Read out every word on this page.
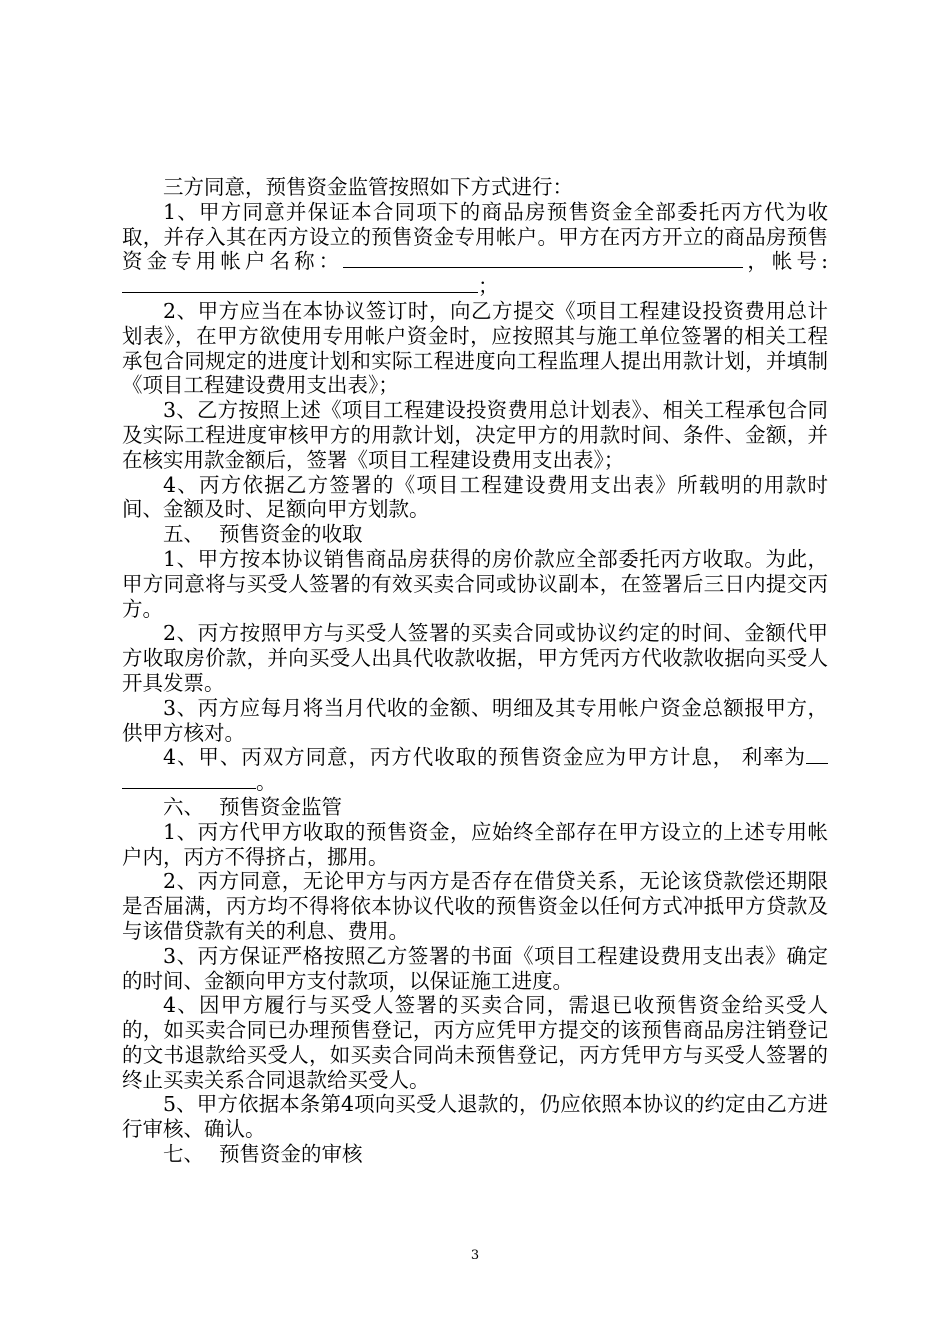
三方同意，预售资金监管按照如下方式进行：

1、甲方同意并保证本合同项下的商品房预售资金全部委托丙方代为收取，并存入其在丙方设立的预售资金专用帐户。甲方在丙方开立的商品房预售资金专用帐户名称：	，帐号:；

2、甲方应当在本协议签订时，向乙方提交《项目工程建设投资费用总计划表》，在甲方欲使用专用帐户资金时，应按照其与施工单位签署的相关工程承包合同规定的进度计划和实际工程进度向工程监理人提出用款计划，并填制《项目工程建设费用支出表》；

3、乙方按照上述《项目工程建设投资费用总计划表》、相关工程承包合同及实际工程进度审核甲方的用款计划，决定甲方的用款时间、条件、金额，并在核实用款金额后，签署《项目工程建设费用支出表》；

4、丙方依据乙方签署的《项目工程建设费用支出表》所载明的用款时间、金额及时、足额向甲方划款。

五、 预售资金的收取

1、甲方按本协议销售商品房获得的房价款应全部委托丙方收取。为此，甲方同意将与买受人签署的有效买卖合同或协议副本，在签署后三日内提交丙方。

2、丙方按照甲方与买受人签署的买卖合同或协议约定的时间、金额代甲方收取房价款，并向买受人出具代收款收据，甲方凭丙方代收款收据向买受人开具发票。

3、丙方应每月将当月代收的金额、明细及其专用帐户资金总额报甲方，供甲方核对。

4、甲、丙双方同意，丙方代收取的预售资金应为甲方计息， 利率为。

六、 预售资金监管

1、丙方代甲方收取的预售资金，应始终全部存在甲方设立的上述专用帐户内，丙方不得挤占，挪用。

2、丙方同意，无论甲方与丙方是否存在借贷关系，无论该贷款偿还期限是否届满，丙方均不得将依本协议代收的预售资金以任何方式冲抵甲方贷款及与该借贷款有关的利息、费用。

3、丙方保证严格按照乙方签署的书面《项目工程建设费用支出表》确定的时间、金额向甲方支付款项，以保证施工进度。

4、因甲方履行与买受人签署的买卖合同，需退已收预售资金给买受人的，如买卖合同已办理预售登记，丙方应凭甲方提交的该预售商品房注销登记的文书退款给买受人，如买卖合同尚未预售登记，丙方凭甲方与买受人签署的终止买卖关系合同退款给买受人。

5、甲方依据本条第4项向买受人退款的，仍应依照本协议的约定由乙方进行审核、确认。

七、 预售资金的审核

3
